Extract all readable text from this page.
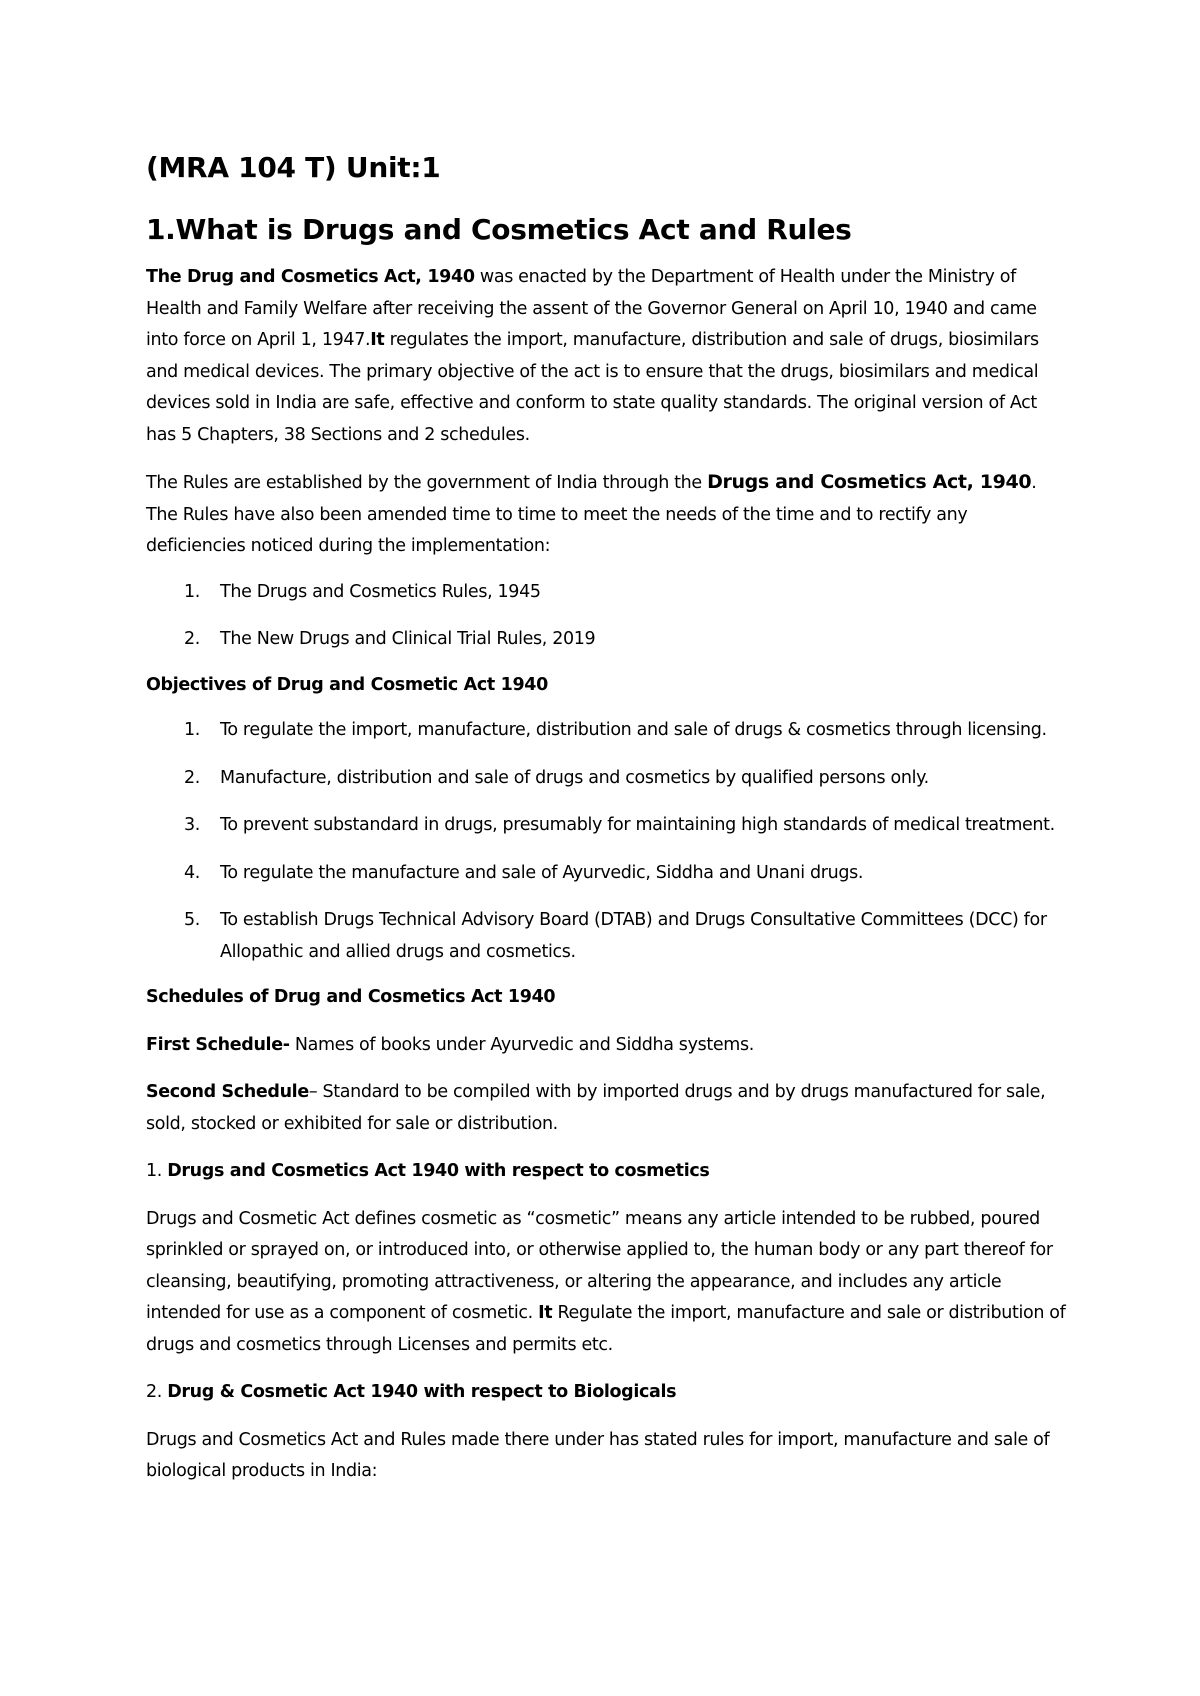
(MRA 104 T) Unit:1
1.What is Drugs and Cosmetics Act and Rules

The Drug and Cosmetics Act, 1940 was enacted by the Department of Health under the Ministry of Health and Family Welfare after receiving the assent of the Governor General on April 10, 1940 and came into force on April 1, 1947.It regulates the import, manufacture, distribution and sale of drugs, biosimilars and medical devices. The primary objective of the act is to ensure that the drugs, biosimilars and medical devices sold in India are safe, effective and conform to state quality standards. The original version of Act has 5 Chapters, 38 Sections and 2 schedules.

The Rules are established by the government of India through the Drugs and Cosmetics Act, 1940. The Rules have also been amended time to time to meet the needs of the time and to rectify any deficiencies noticed during the implementation:

1. The Drugs and Cosmetics Rules, 1945
2. The New Drugs and Clinical Trial Rules, 2019

Objectives of Drug and Cosmetic Act 1940

1. To regulate the import, manufacture, distribution and sale of drugs & cosmetics through licensing.
2. Manufacture, distribution and sale of drugs and cosmetics by qualified persons only.
3. To prevent substandard in drugs, presumably for maintaining high standards of medical treatment.
4. To regulate the manufacture and sale of Ayurvedic, Siddha and Unani drugs.
5. To establish Drugs Technical Advisory Board (DTAB) and Drugs Consultative Committees (DCC) for Allopathic and allied drugs and cosmetics.

Schedules of Drug and Cosmetics Act 1940

First Schedule- Names of books under Ayurvedic and Siddha systems.

Second Schedule– Standard to be compiled with by imported drugs and by drugs manufactured for sale, sold, stocked or exhibited for sale or distribution.

1. Drugs and Cosmetics Act 1940 with respect to cosmetics

Drugs and Cosmetic Act defines cosmetic as “cosmetic” means any article intended to be rubbed, poured sprinkled or sprayed on, or introduced into, or otherwise applied to, the human body or any part thereof for cleansing, beautifying, promoting attractiveness, or altering the appearance, and includes any article intended for use as a component of cosmetic. It Regulate the import, manufacture and sale or distribution of drugs and cosmetics through Licenses and permits etc.

2. Drug & Cosmetic Act 1940 with respect to Biologicals

Drugs and Cosmetics Act and Rules made there under has stated rules for import, manufacture and sale of biological products in India:
